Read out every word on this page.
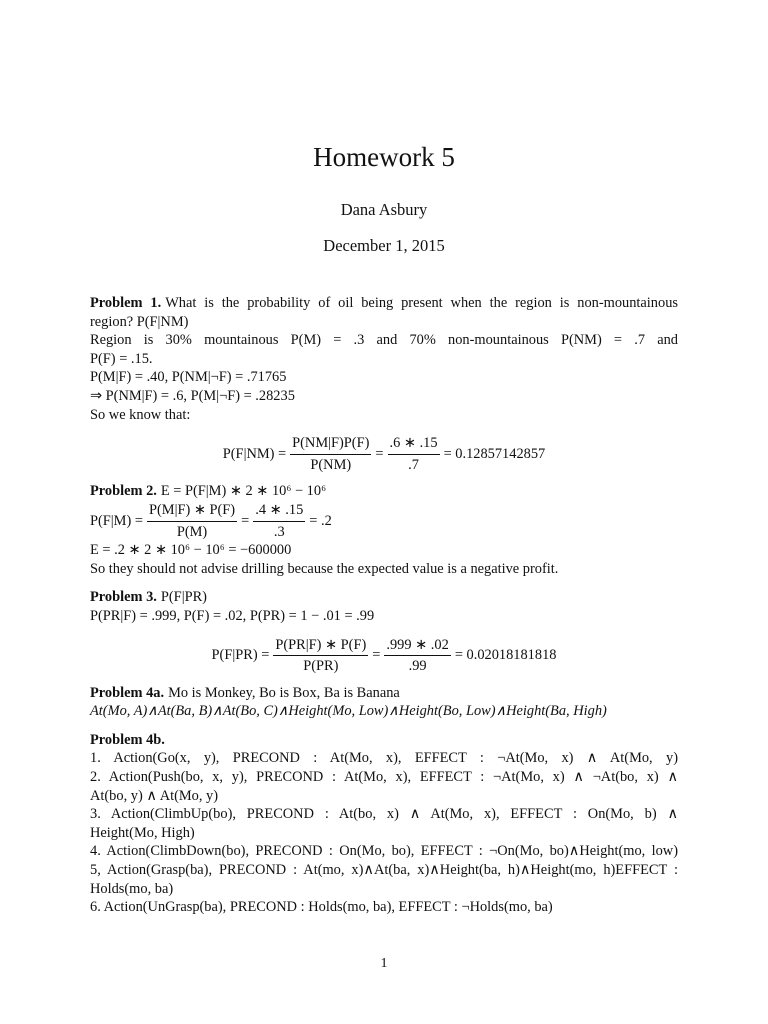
Homework 5
Dana Asbury
December 1, 2015

Problem 1. What is the probability of oil being present when the region is non-mountainous

region? P(F|NM)

Region is 30% mountainous P(M) = .3 and 70% non-mountainous P(NM) = .7 and

P(F) = .15.

P(M|F) = .40, P(NM|¬F) = .71765

⇒ P(NM|F) = .6, P(M|¬F) = .28235

So we know that:

$P(F|NM) = \frac{P(NM|F)P(F)}{P(NM)} = \frac{.6 ∗ .15}{.7} = 0.12857142857$

Problem 2. E = P(F|M) ∗ 2 ∗ 10⁶ − 10⁶

$P(F|M) = \frac{P(M|F) ∗ P(F)}{P(M)} = \frac{.4 ∗ .15}{.3} = .2$

E = .2 ∗ 2 ∗ 10⁶ − 10⁶ = −600000

So they should not advise drilling because the expected value is a negative profit.

Problem 3. P(F|PR)

P(PR|F) = .999, P(F) = .02, P(PR) = 1 − .01 = .99

$P(F|PR) = \frac{P(PR|F) ∗ P(F)}{P(PR)} = \frac{.999 ∗ .02}{.99} = 0.02018181818$

Problem 4a. Mo is Monkey, Bo is Box, Ba is Banana

At(Mo, A)∧At(Ba, B)∧At(Bo, C)∧Height(Mo, Low)∧Height(Bo, Low)∧Height(Ba, High)

Problem 4b.

1. Action(Go(x, y), PRECOND : At(Mo, x), EFFECT : ¬At(Mo, x) ∧ At(Mo, y)

2. Action(Push(bo, x, y), PRECOND : At(Mo, x), EFFECT : ¬At(Mo, x) ∧ ¬At(bo, x) ∧

At(bo, y) ∧ At(Mo, y)

3. Action(ClimbUp(bo), PRECOND : At(bo, x) ∧ At(Mo, x), EFFECT : On(Mo, b) ∧

Height(Mo, High)

4. Action(ClimbDown(bo), PRECOND : On(Mo, bo), EFFECT : ¬On(Mo, bo)∧Height(mo, low)

5, Action(Grasp(ba), PRECOND : At(mo, x)∧At(ba, x)∧Height(ba, h)∧Height(mo, h)EFFECT :

Holds(mo, ba)

6. Action(UnGrasp(ba), PRECOND : Holds(mo, ba), EFFECT : ¬Holds(mo, ba)

1
